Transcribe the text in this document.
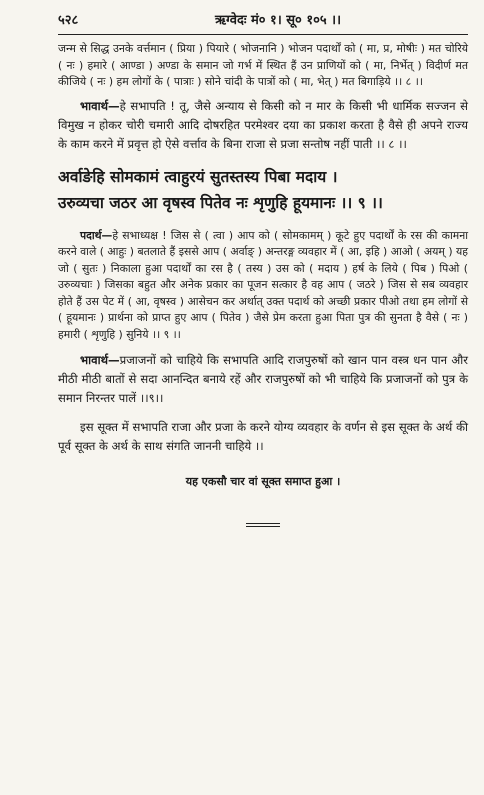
५२८	ऋग्वेदः मं० १। सू० १०५ ।।

जन्म से सिद्ध उनके वर्त्तमान ( प्रिया ) पियारे ( भोजनानि ) भोजन पदार्थों को ( मा, प्र, मोषीः ) मत चोरिये ( नः ) हमारे ( आण्डा ) अण्डा के समान जो गर्भ में स्थित हैं उन प्राणियों को ( मा, निर्भेत् ) विदीर्ण मत कीजिये ( नः ) हम लोगों के ( पात्राः ) सोने चांदी के पात्रों को ( मा, भेत् ) मत बिगाड़िये ।। ८ ।।

भावार्थ—हे सभापति ! तू, जैसे अन्याय से किसी को न मार के किसी भी धार्मिक सज्जन से विमुख न होकर चोरी चमारी आदि दोषरहित परमेश्वर दया का प्रकाश करता है वैसे ही अपने राज्य के काम करने में प्रवृत्त हो ऐसे वर्त्ताव के बिना राजा से प्रजा सन्तोष नहीं पाती ।। ८ ।।

अर्वाङेहि सोमकामं त्वाहुरयं सुतस्तस्य पिबा मदाय ।
उरुव्यचा जठर आ वृषस्व पितेव नः शृणुहि हूयमानः ।। ९ ।।

पदार्थ—हे सभाध्यक्ष ! जिस से ( त्वा ) आप को ( सोमकामम् ) कूटे हुए पदार्थों के रस की कामना करने वाले ( आहुः ) बतलाते हैं इससे आप ( अर्वाङ् ) अन्तरङ्ग व्यवहार में ( आ, इहि ) आओ ( अयम् ) यह जो ( सुतः ) निकाला हुआ पदार्थों का रस है ( तस्य ) उस को ( मदाय ) हर्ष के लिये ( पिब ) पिओ ( उरुव्यचाः ) जिसका बहुत और अनेक प्रकार का पूजन सत्कार है वह आप ( जठरे ) जिस से सब व्यवहार होते हैं उस पेट में ( आ, वृषस्व ) आसेचन कर अर्थात् उक्त पदार्थ को अच्छी प्रकार पीओ तथा हम लोगों से ( हूयमानः ) प्रार्थना को प्राप्त हुए आप ( पितेव ) जैसे प्रेम करता हुआ पिता पुत्र की सुनता है वैसे ( नः ) हमारी ( शृणुहि ) सुनिये ।। ९ ।।

भावार्थ—प्रजाजनों को चाहिये कि सभापति आदि राजपुरुषों को खान पान वस्त्र धन पान और मीठी मीठी बातों से सदा आनन्दित बनाये रहें और राजपुरुषों को भी चाहिये कि प्रजाजनों को पुत्र के समान निरन्तर पालें ।।९।।

इस सूक्त में सभापति राजा और प्रजा के करने योग्य व्यवहार के वर्णन से इस सूक्त के अर्थ की पूर्व सूक्त के अर्थ के साथ संगति जाननी चाहिये ।।

यह एकसौ चार वां सूक्त समाप्त हुआ ।
